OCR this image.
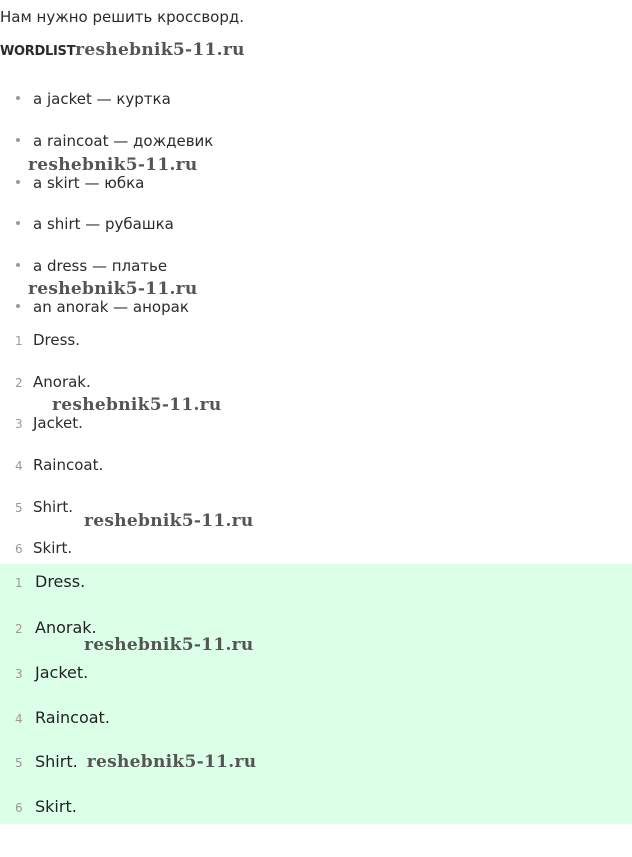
Нам нужно решить кроссворд.
WORDLISTreshebnik5-11.ru
a jacket — куртка
a raincoat — дождевик
reshebnik5-11.ru
a skirt — юбка
a shirt — рубашка
a dress — платье
reshebnik5-11.ru
an anorak — анорак
1 Dress.
2 Anorak.
reshebnik5-11.ru
3 Jacket.
4 Raincoat.
5 Shirt.
reshebnik5-11.ru
6 Skirt.
1 Dress.
2 Anorak.
reshebnik5-11.ru
3 Jacket.
4 Raincoat.
5 Shirt. reshebnik5-11.ru
6 Skirt.
